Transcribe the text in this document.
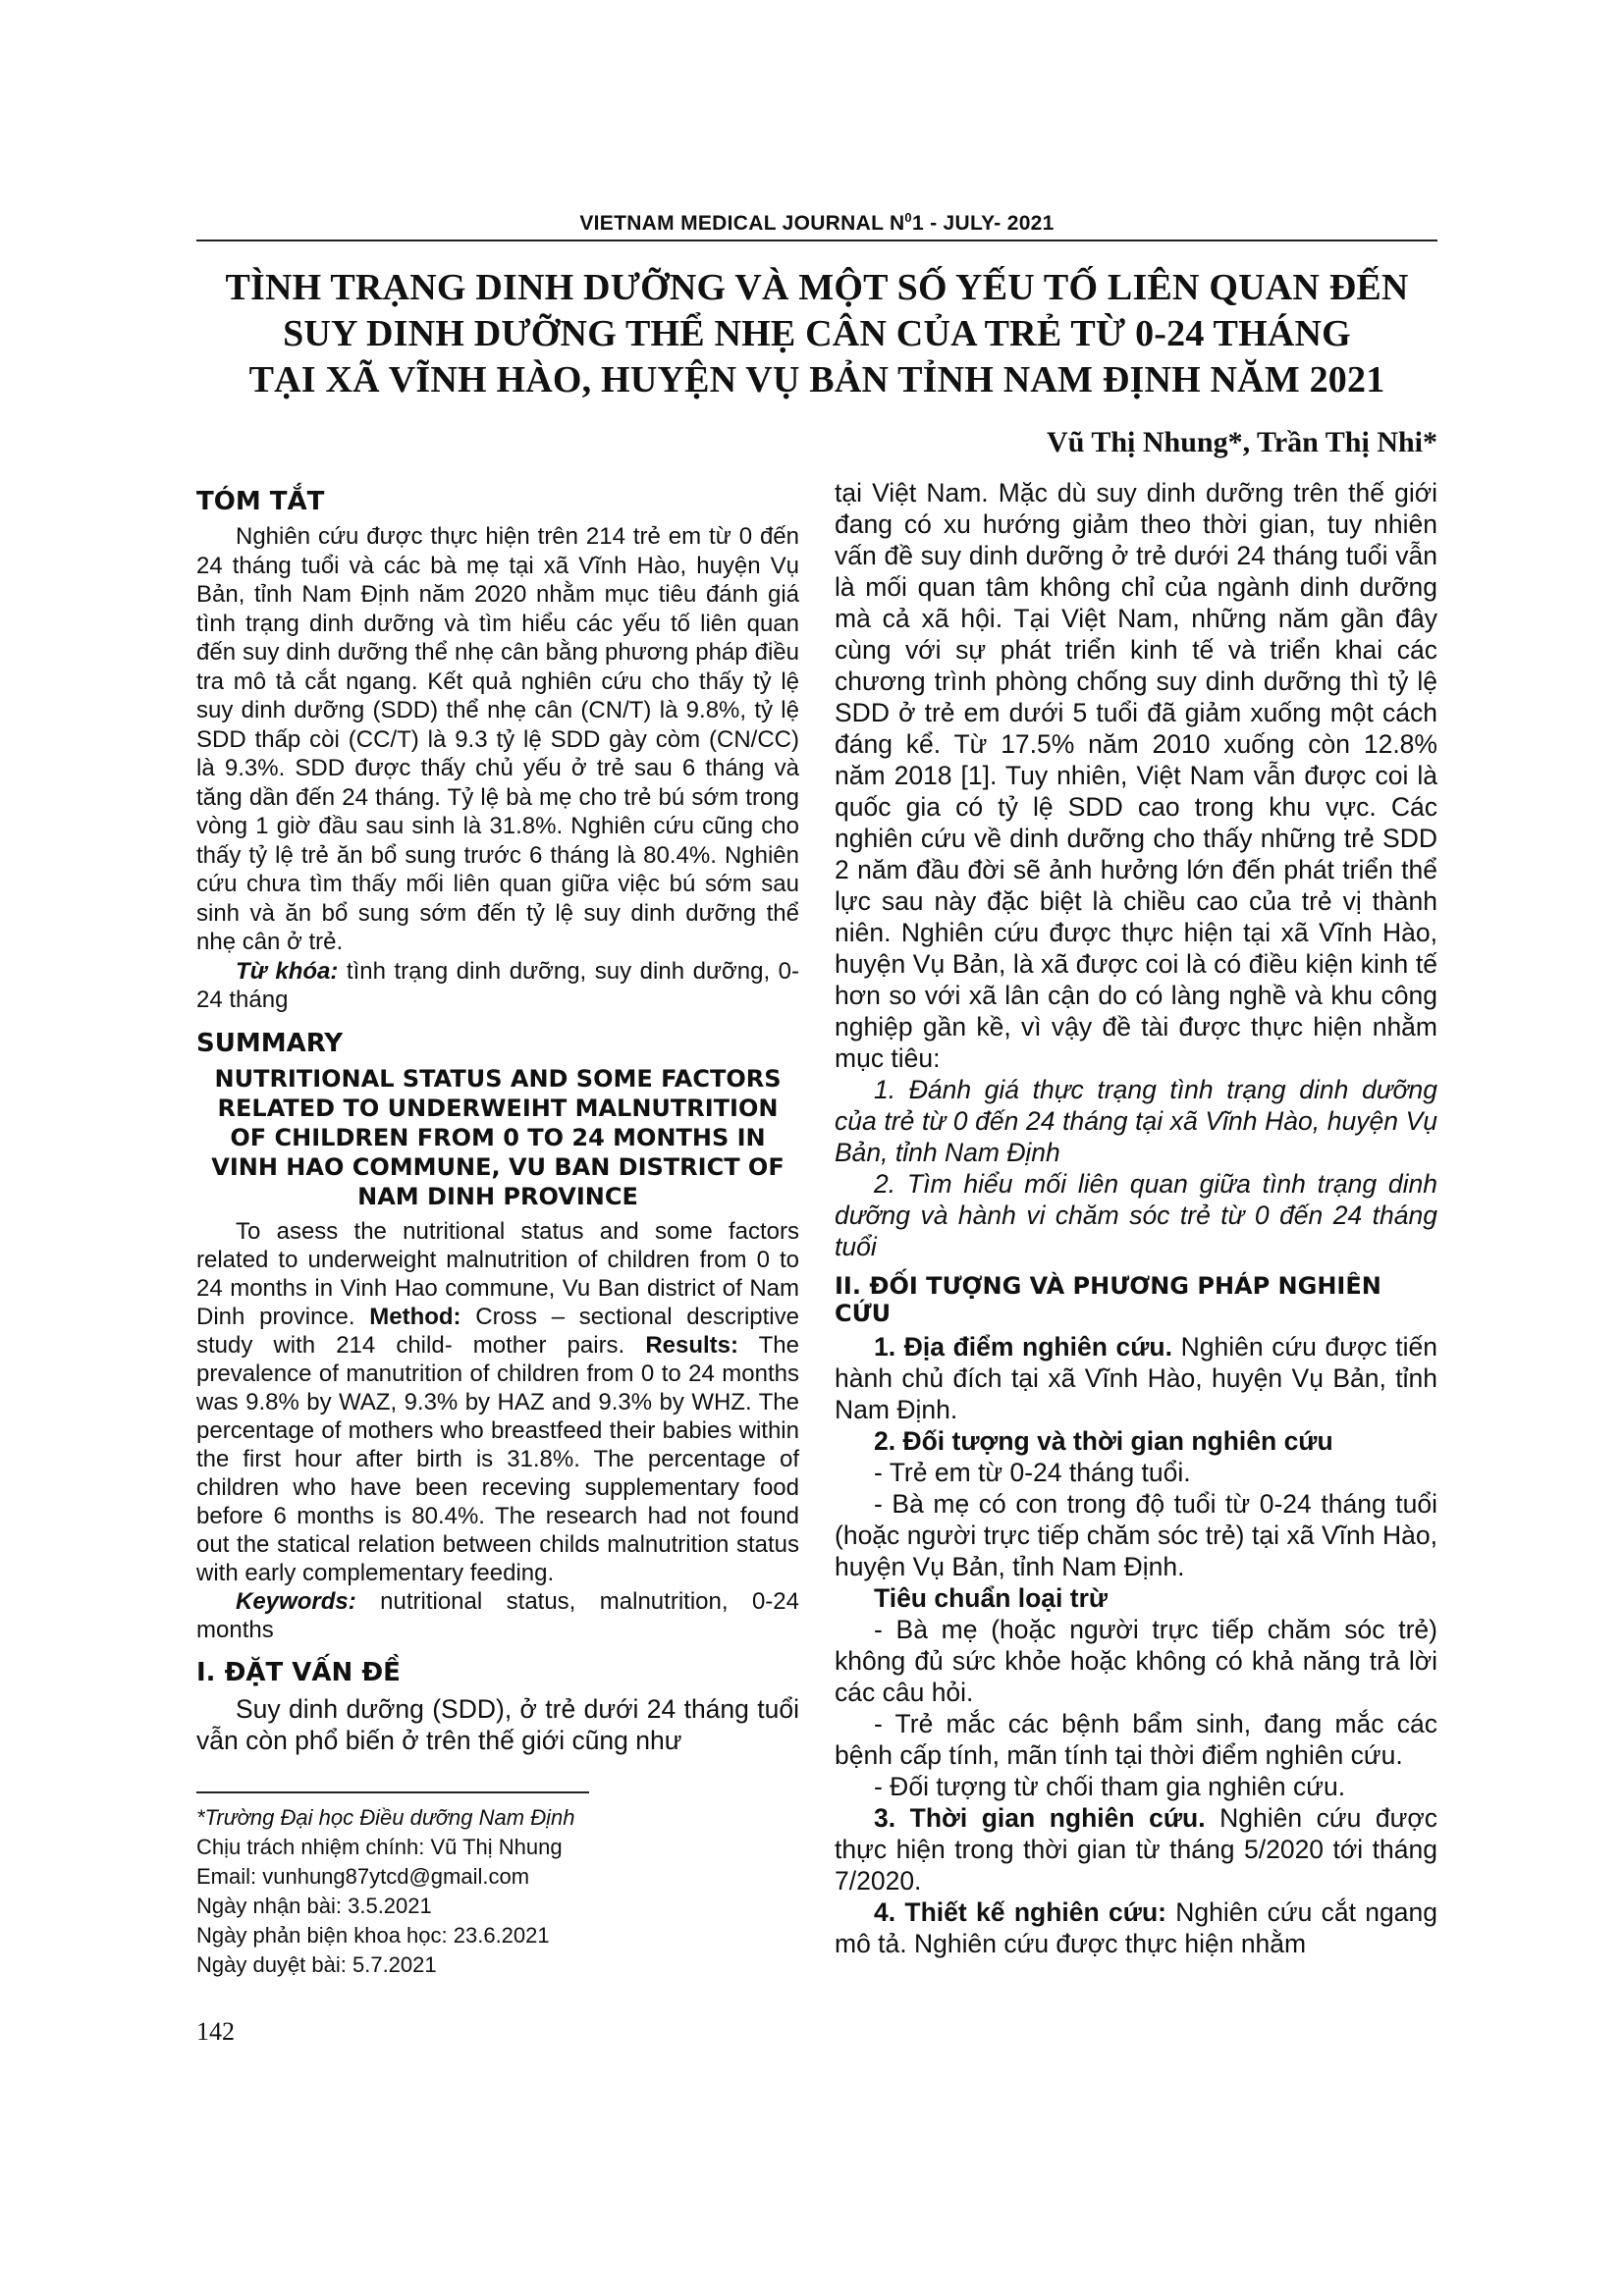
VIETNAM MEDICAL JOURNAL $N^01$ - JULY- 2021
TÌNH TRẠNG DINH DƯỠNG VÀ MỘT SỐ YẾU TỐ LIÊN QUAN ĐẾN
SUY DINH DƯỠNG THỂ NHẸ CÂN CỦA TRẺ TỪ 0-24 THÁNG
TẠI XÃ VĨNH HÀO, HUYỆN VỤ BẢN TỈNH NAM ĐỊNH NĂM 2021
Vũ Thị Nhung*, Trần Thị Nhi*
TÓM TẮT

Nghiên cứu được thực hiện trên 214 trẻ em từ 0 đến 24 tháng tuổi và các bà mẹ tại xã Vĩnh Hào, huyện Vụ Bản, tỉnh Nam Định năm 2020 nhằm mục tiêu đánh giá tình trạng dinh dưỡng và tìm hiểu các yếu tố liên quan đến suy dinh dưỡng thể nhẹ cân bằng phương pháp điều tra mô tả cắt ngang. Kết quả nghiên cứu cho thấy tỷ lệ suy dinh dưỡng (SDD) thể nhẹ cân (CN/T) là 9.8%, tỷ lệ SDD thấp còi (CC/T) là 9.3 tỷ lệ SDD gày còm (CN/CC) là 9.3%. SDD được thấy chủ yếu ở trẻ sau 6 tháng và tăng dần đến 24 tháng. Tỷ lệ bà mẹ cho trẻ bú sớm trong vòng 1 giờ đầu sau sinh là 31.8%. Nghiên cứu cũng cho thấy tỷ lệ trẻ ăn bổ sung trước 6 tháng là 80.4%. Nghiên cứu chưa tìm thấy mối liên quan giữa việc bú sớm sau sinh và ăn bổ sung sớm đến tỷ lệ suy dinh dưỡng thể nhẹ cân ở trẻ.

Từ khóa: tình trạng dinh dưỡng, suy dinh dưỡng, 0-24 tháng

SUMMARY
NUTRITIONAL STATUS AND SOME FACTORS RELATED TO UNDERWEIHT MALNUTRITION OF CHILDREN FROM 0 TO 24 MONTHS IN VINH HAO COMMUNE, VU BAN DISTRICT OF NAM DINH PROVINCE

To asess the nutritional status and some factors related to underweight malnutrition of children from 0 to 24 months in Vinh Hao commune, Vu Ban district of Nam Dinh province. Method: Cross – sectional descriptive study with 214 child- mother pairs. Results: The prevalence of manutrition of children from 0 to 24 months was 9.8% by WAZ, 9.3% by HAZ and 9.3% by WHZ. The percentage of mothers who breastfeed their babies within the first hour after birth is 31.8%. The percentage of children who have been receving supplementary food before 6 months is 80.4%. The research had not found out the statical relation between childs malnutrition status with early complementary feeding.

Keywords: nutritional status, malnutrition, 0-24 months

I. ĐẶT VẤN ĐỀ

Suy dinh dưỡng (SDD), ở trẻ dưới 24 tháng tuổi vẫn còn phổ biến ở trên thế giới cũng như

*Trường Đại học Điều dưỡng Nam Định

Chịu trách nhiệm chính: Vũ Thị Nhung

Email: vunhung87ytcd@gmail.com

Ngày nhận bài: 3.5.2021

Ngày phản biện khoa học: 23.6.2021

Ngày duyệt bài: 5.7.2021

tại Việt Nam. Mặc dù suy dinh dưỡng trên thế giới đang có xu hướng giảm theo thời gian, tuy nhiên vấn đề suy dinh dưỡng ở trẻ dưới 24 tháng tuổi vẫn là mối quan tâm không chỉ của ngành dinh dưỡng mà cả xã hội. Tại Việt Nam, những năm gần đây cùng với sự phát triển kinh tế và triển khai các chương trình phòng chống suy dinh dưỡng thì tỷ lệ SDD ở trẻ em dưới 5 tuổi đã giảm xuống một cách đáng kể. Từ 17.5% năm 2010 xuống còn 12.8% năm 2018 [1]. Tuy nhiên, Việt Nam vẫn được coi là quốc gia có tỷ lệ SDD cao trong khu vực. Các nghiên cứu về dinh dưỡng cho thấy những trẻ SDD 2 năm đầu đời sẽ ảnh hưởng lớn đến phát triển thể lực sau này đặc biệt là chiều cao của trẻ vị thành niên. Nghiên cứu được thực hiện tại xã Vĩnh Hào, huyện Vụ Bản, là xã được coi là có điều kiện kinh tế hơn so với xã lân cận do có làng nghề và khu công nghiệp gần kề, vì vậy đề tài được thực hiện nhằm mục tiêu:

1. Đánh giá thực trạng tình trạng dinh dưỡng của trẻ từ 0 đến 24 tháng tại xã Vĩnh Hào, huyện Vụ Bản, tỉnh Nam Định

2. Tìm hiểu mối liên quan giữa tình trạng dinh dưỡng và hành vi chăm sóc trẻ từ 0 đến 24 tháng tuổi

II. ĐỐI TƯỢNG VÀ PHƯƠNG PHÁP NGHIÊN CỨU

1. Địa điểm nghiên cứu. Nghiên cứu được tiến hành chủ đích tại xã Vĩnh Hào, huyện Vụ Bản, tỉnh Nam Định.

2. Đối tượng và thời gian nghiên cứu

- Trẻ em từ 0-24 tháng tuổi.

- Bà mẹ có con trong độ tuổi từ 0-24 tháng tuổi (hoặc người trực tiếp chăm sóc trẻ) tại xã Vĩnh Hào, huyện Vụ Bản, tỉnh Nam Định.

Tiêu chuẩn loại trừ

- Bà mẹ (hoặc người trực tiếp chăm sóc trẻ) không đủ sức khỏe hoặc không có khả năng trả lời các câu hỏi.

- Trẻ mắc các bệnh bẩm sinh, đang mắc các bệnh cấp tính, mãn tính tại thời điểm nghiên cứu.

- Đối tượng từ chối tham gia nghiên cứu.

3. Thời gian nghiên cứu. Nghiên cứu được thực hiện trong thời gian từ tháng 5/2020 tới tháng 7/2020.

4. Thiết kế nghiên cứu: Nghiên cứu cắt ngang mô tả. Nghiên cứu được thực hiện nhằm

142
